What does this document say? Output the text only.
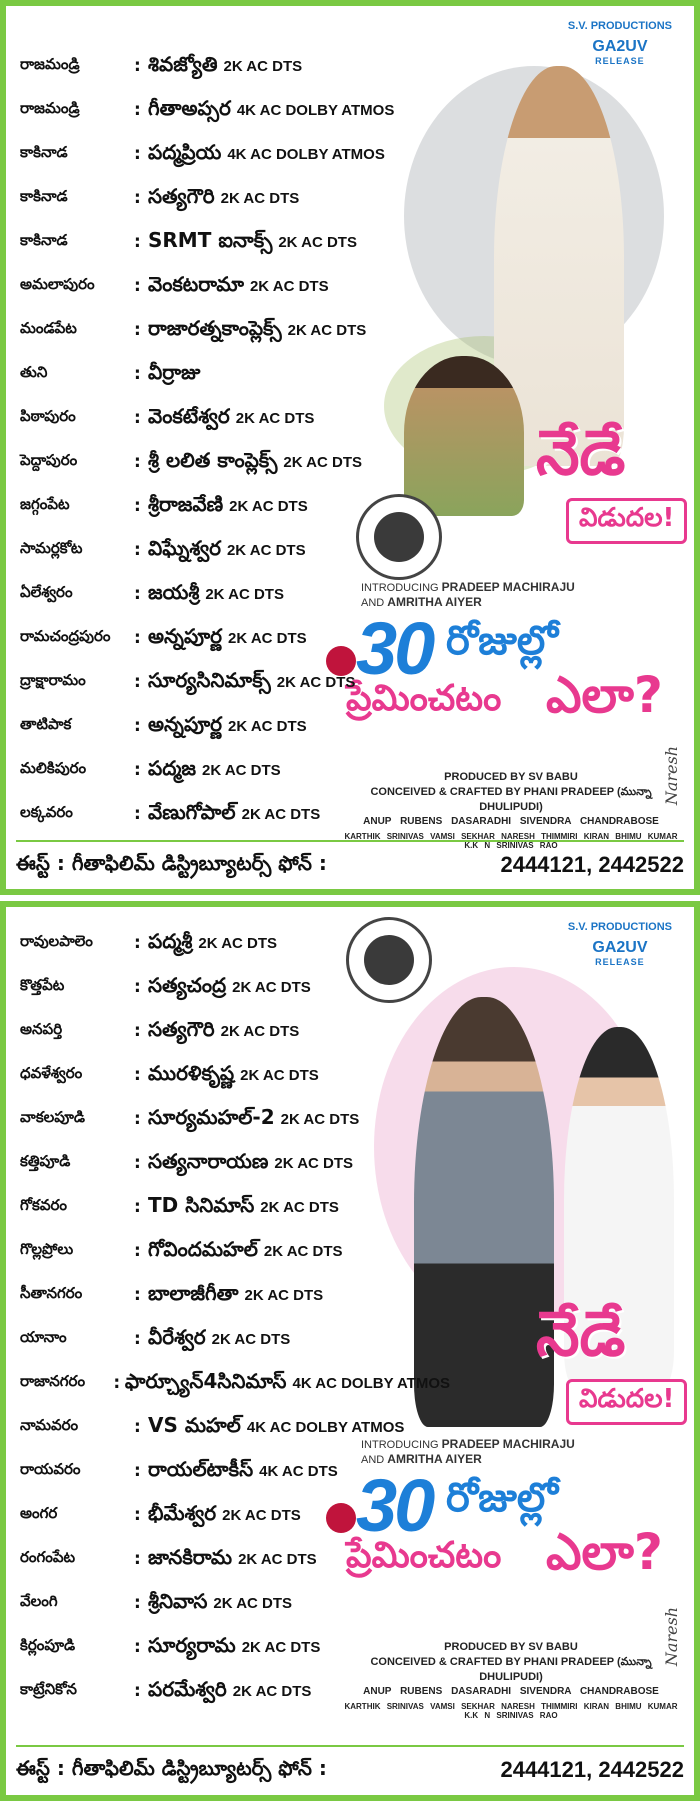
S.V. PRODUCTIONS
GA2UV
RELEASE
నేడే
విడుదల!
INTRODUCING PRADEEP MACHIRAJU
AND AMRITHA AIYER
30 రోజుల్లో
ప్రేమించటం ఎలా?
PRODUCED BY SV BABU
CONCEIVED & CRAFTED BY PHANI PRADEEP (మున్నా DHULIPUDI)
ANUP RUBENS DASARADHI SIVENDRA CHANDRABOSE
KARTHIK SRINIVAS VAMSI SEKHAR NARESH THIMMIRI KIRAN BHIMU KUMAR K.K N SRINIVAS RAO
Naresh
రాజమండ్రి	: శివజ్యోతి 2K AC DTS
రాజమండ్రి	: గీతాఅప్సర 4K AC DOLBY ATMOS
కాకినాడ	: పద్మప్రియ 4K AC DOLBY ATMOS
కాకినాడ	: సత్యగౌరి 2K AC DTS
కాకినాడ	: SRMT ఐనాక్స్ 2K AC DTS
అమలాపురం	: వెంకటరామా 2K AC DTS
మండపేట	: రాజారత్నకాంప్లెక్స్ 2K AC DTS
తుని	: వీర్రాజు
పిఠాపురం	: వెంకటేశ్వర 2K AC DTS
పెద్దాపురం	: శ్రీ లలిత కాంప్లెక్స్ 2K AC DTS
జగ్గంపేట	: శ్రీరాజవేణి 2K AC DTS
సామర్లకోట	: విఘ్నేశ్వర 2K AC DTS
ఏలేశ్వరం	: జయశ్రీ 2K AC DTS
రామచంద్రపురం	: అన్నపూర్ణ 2K AC DTS
ద్రాక్షారామం	: సూర్యసినిమాక్స్ 2K AC DTS
తాటిపాక	: అన్నపూర్ణ 2K AC DTS
మలికిపురం	: పద్మజ 2K AC DTS
లక్కవరం	: వేణుగోపాల్ 2K AC DTS
ఈస్ట్ : గీతాఫిలిమ్ డిస్ట్రిబ్యూటర్స్ ఫోన్ :	2444121, 2442522
S.V. PRODUCTIONS
GA2UV
RELEASE
నేడే
విడుదల!
INTRODUCING PRADEEP MACHIRAJU
AND AMRITHA AIYER
30 రోజుల్లో
ప్రేమించటం ఎలా?
PRODUCED BY SV BABU
CONCEIVED & CRAFTED BY PHANI PRADEEP (మున్నా DHULIPUDI)
ANUP RUBENS DASARADHI SIVENDRA CHANDRABOSE
KARTHIK SRINIVAS VAMSI SEKHAR NARESH THIMMIRI KIRAN BHIMU KUMAR K.K N SRINIVAS RAO
Naresh
రావులపాలెం	: పద్మశ్రీ 2K AC DTS
కొత్తపేట	: సత్యచంద్ర 2K AC DTS
అనపర్తి	: సత్యగౌరి 2K AC DTS
ధవళేశ్వరం	: మురళికృష్ణ 2K AC DTS
వాకలపూడి	: సూర్యమహల్-2 2K AC DTS
కత్తిపూడి	: సత్యనారాయణ 2K AC DTS
గోకవరం	: TD సినిమాస్ 2K AC DTS
గొల్లప్రోలు	: గోవిందమహల్ 2K AC DTS
సీతానగరం	: బాలాజీగీతా 2K AC DTS
యానాం	: వీరేశ్వర 2K AC DTS
రాజానగరం	: ఫార్చ్యూన్4సినిమాస్ 4K AC DOLBY ATMOS
నామవరం	: VS మహల్ 4K AC DOLBY ATMOS
రాయవరం	: రాయల్‌టాకీస్ 4K AC DTS
అంగర	: భీమేశ్వర 2K AC DTS
రంగంపేట	: జానకిరామ 2K AC DTS
వేలంగి	: శ్రీనివాస 2K AC DTS
కిర్లంపూడి	: సూర్యరామ 2K AC DTS
కాట్రేనికోన	: పరమేశ్వరి 2K AC DTS
ఈస్ట్ : గీతాఫిలిమ్ డిస్ట్రిబ్యూటర్స్ ఫోన్ :	2444121, 2442522
